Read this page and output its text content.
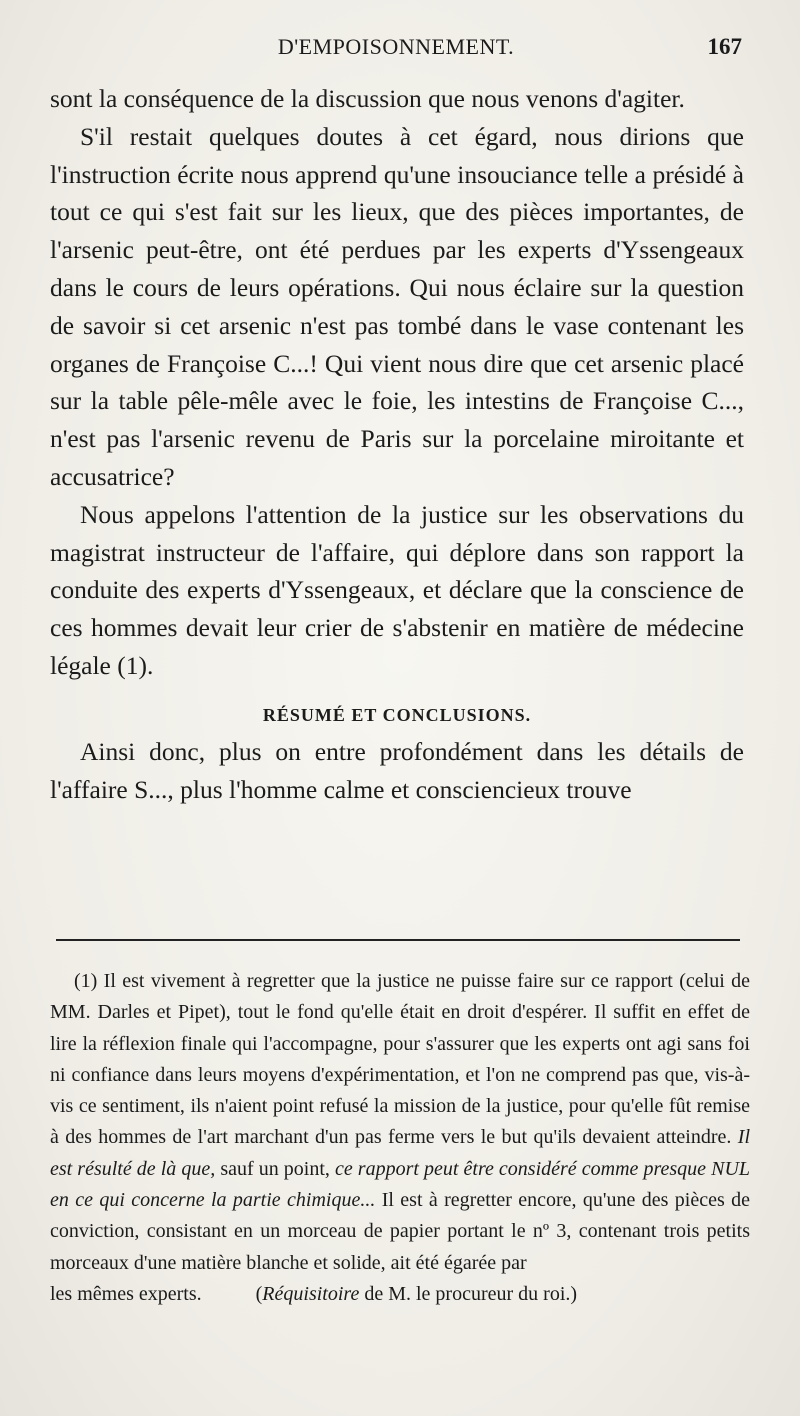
D'EMPOISONNEMENT.	167

sont la conséquence de la discussion que nous venons d'agiter.

S'il restait quelques doutes à cet égard, nous dirions que l'instruction écrite nous apprend qu'une insouciance telle a présidé à tout ce qui s'est fait sur les lieux, que des pièces importantes, de l'arsenic peut-être, ont été perdues par les experts d'Yssengeaux dans le cours de leurs opérations. Qui nous éclaire sur la question de savoir si cet arsenic n'est pas tombé dans le vase contenant les organes de Françoise C...! Qui vient nous dire que cet arsenic placé sur la table pêle-mêle avec le foie, les intestins de Françoise C..., n'est pas l'arsenic revenu de Paris sur la porcelaine miroitante et accusatrice?

Nous appelons l'attention de la justice sur les observations du magistrat instructeur de l'affaire, qui déplore dans son rapport la conduite des experts d'Yssengeaux, et déclare que la conscience de ces hommes devait leur crier de s'abstenir en matière de médecine légale (1).

RÉSUMÉ ET CONCLUSIONS.

Ainsi donc, plus on entre profondément dans les détails de l'affaire S..., plus l'homme calme et consciencieux trouve

(1) Il est vivement à regretter que la justice ne puisse faire sur ce rapport (celui de MM. Darles et Pipet), tout le fond qu'elle était en droit d'espérer. Il suffit en effet de lire la réflexion finale qui l'accompagne, pour s'assurer que les experts ont agi sans foi ni confiance dans leurs moyens d'expérimentation, et l'on ne comprend pas que, vis-à-vis ce sentiment, ils n'aient point refusé la mission de la justice, pour qu'elle fût remise à des hommes de l'art marchant d'un pas ferme vers le but qu'ils devaient atteindre. Il est résulté de là que, sauf un point, ce rapport peut être considéré comme presque NUL en ce qui concerne la partie chimique... Il est à regretter encore, qu'une des pièces de conviction, consistant en un morceau de papier portant le nº 3, contenant trois petits morceaux d'une matière blanche et solide, ait été égarée par
les mêmes experts.	(Réquisitoire de M. le procureur du roi.)
